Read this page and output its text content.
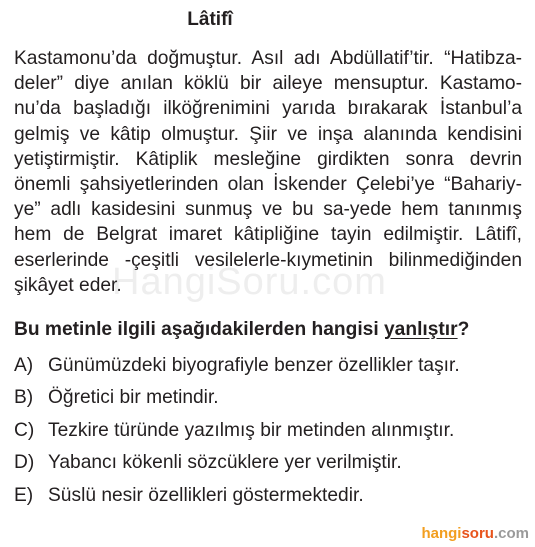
Lâtifî
Kastamonu’da doğmuştur. Asıl adı Abdüllatif’tir. “Hatibza-
deler” diye anılan köklü bir aileye mensuptur. Kastamo-
nu’da başladığı ilköğrenimini yarıda bırakarak İstanbul’a
gelmiş ve kâtip olmuştur. Şiir ve inşa alanında kendisini
yetiştirmiştir. Kâtiplik mesleğine girdikten sonra devrin
önemli şahsiyetlerinden olan İskender Çelebi’ye “Bahariy-
ye” adlı kasidesini sunmuş ve bu sa-yede hem tanınmış
hem de Belgrat imaret kâtipliğine tayin edilmiştir. Lâtifî,
eserlerinde -çeşitli vesilelerle-kıymetinin bilinmediğinden
şikâyet eder.
HangiSoru.com
Bu metinle ilgili aşağıdakilerden hangisi yanlıştır?
A) Günümüzdeki biyografiyle benzer özellikler taşır.
B) Öğretici bir metindir.
C) Tezkire türünde yazılmış bir metinden alınmıştır.
D) Yabancı kökenli sözcüklere yer verilmiştir.
E) Süslü nesir özellikleri göstermektedir.
hangisoru.com
